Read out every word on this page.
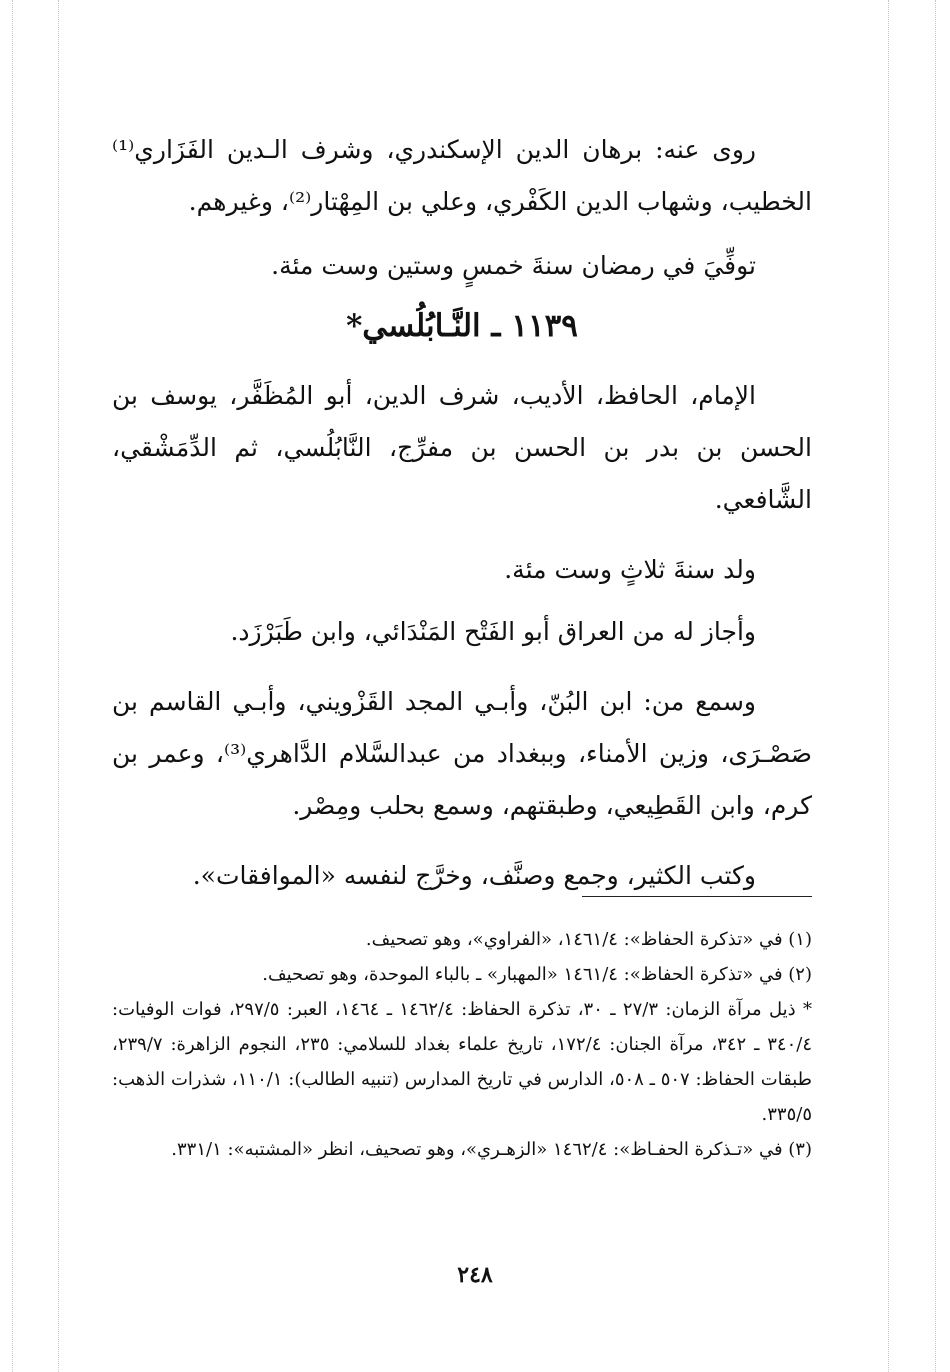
روى عنه: برهان الدين الإسكندري، وشرف الـدين الفَزَاري⁽¹⁾ الخطيب، وشهاب الدين الكَفْري، وعلي بن المِهْتار⁽²⁾، وغيرهم.

توفِّيَ في رمضان سنةَ خمسٍ وستين وست مئة.

١١٣٩ ـ النَّـابُلُسي*

الإمام، الحافظ، الأديب، شرف الدين، أبو المُظَفَّر، يوسف بن الحسن بن بدر بن الحسن بن مفرِّج، النَّابُلُسي، ثم الدِّمَشْقي، الشَّافعي.

ولد سنةَ ثلاثٍ وست مئة.

وأجاز له من العراق أبو الفَتْح المَنْدَائي، وابن طَبَرْزَد.

وسمع من: ابن البُنّ، وأبـي المجد القَزْويني، وأبـي القاسم بن صَصْـرَى، وزين الأمناء، وببغداد من عبدالسَّلام الدَّاهري⁽³⁾، وعمر بن كرم، وابن القَطِيعي، وطبقتهم، وسمع بحلب ومِصْر.

وكتب الكثير، وجمع وصنَّف، وخرَّج لنفسه «الموافقات».

(١) في «تذكرة الحفاظ»: ١٤٦١/٤، «الفراوي»، وهو تصحيف.

(٢) في «تذكرة الحفاظ»: ١٤٦١/٤ «المهبار» ـ بالباء الموحدة، وهو تصحيف.

* ذيل مرآة الزمان: ٢٧/٣ ـ ٣٠، تذكرة الحفاظ: ١٤٦٢/٤ ـ ١٤٦٤، العبر: ٢٩٧/٥، فوات الوفيات: ٣٤٠/٤ ـ ٣٤٢، مرآة الجنان: ١٧٢/٤، تاريخ علماء بغداد للسلامي: ٢٣٥، النجوم الزاهرة: ٢٣٩/٧، طبقات الحفاظ: ٥٠٧ ـ ٥٠٨، الدارس في تاريخ المدارس (تنبيه الطالب): ١١٠/١، شذرات الذهب: ٣٣٥/٥.

(٣) في «تـذكرة الحفـاظ»: ١٤٦٢/٤ «الزهـري»، وهو تصحيف، انظر «المشتبه»: ٣٣١/١.

٢٤٨
